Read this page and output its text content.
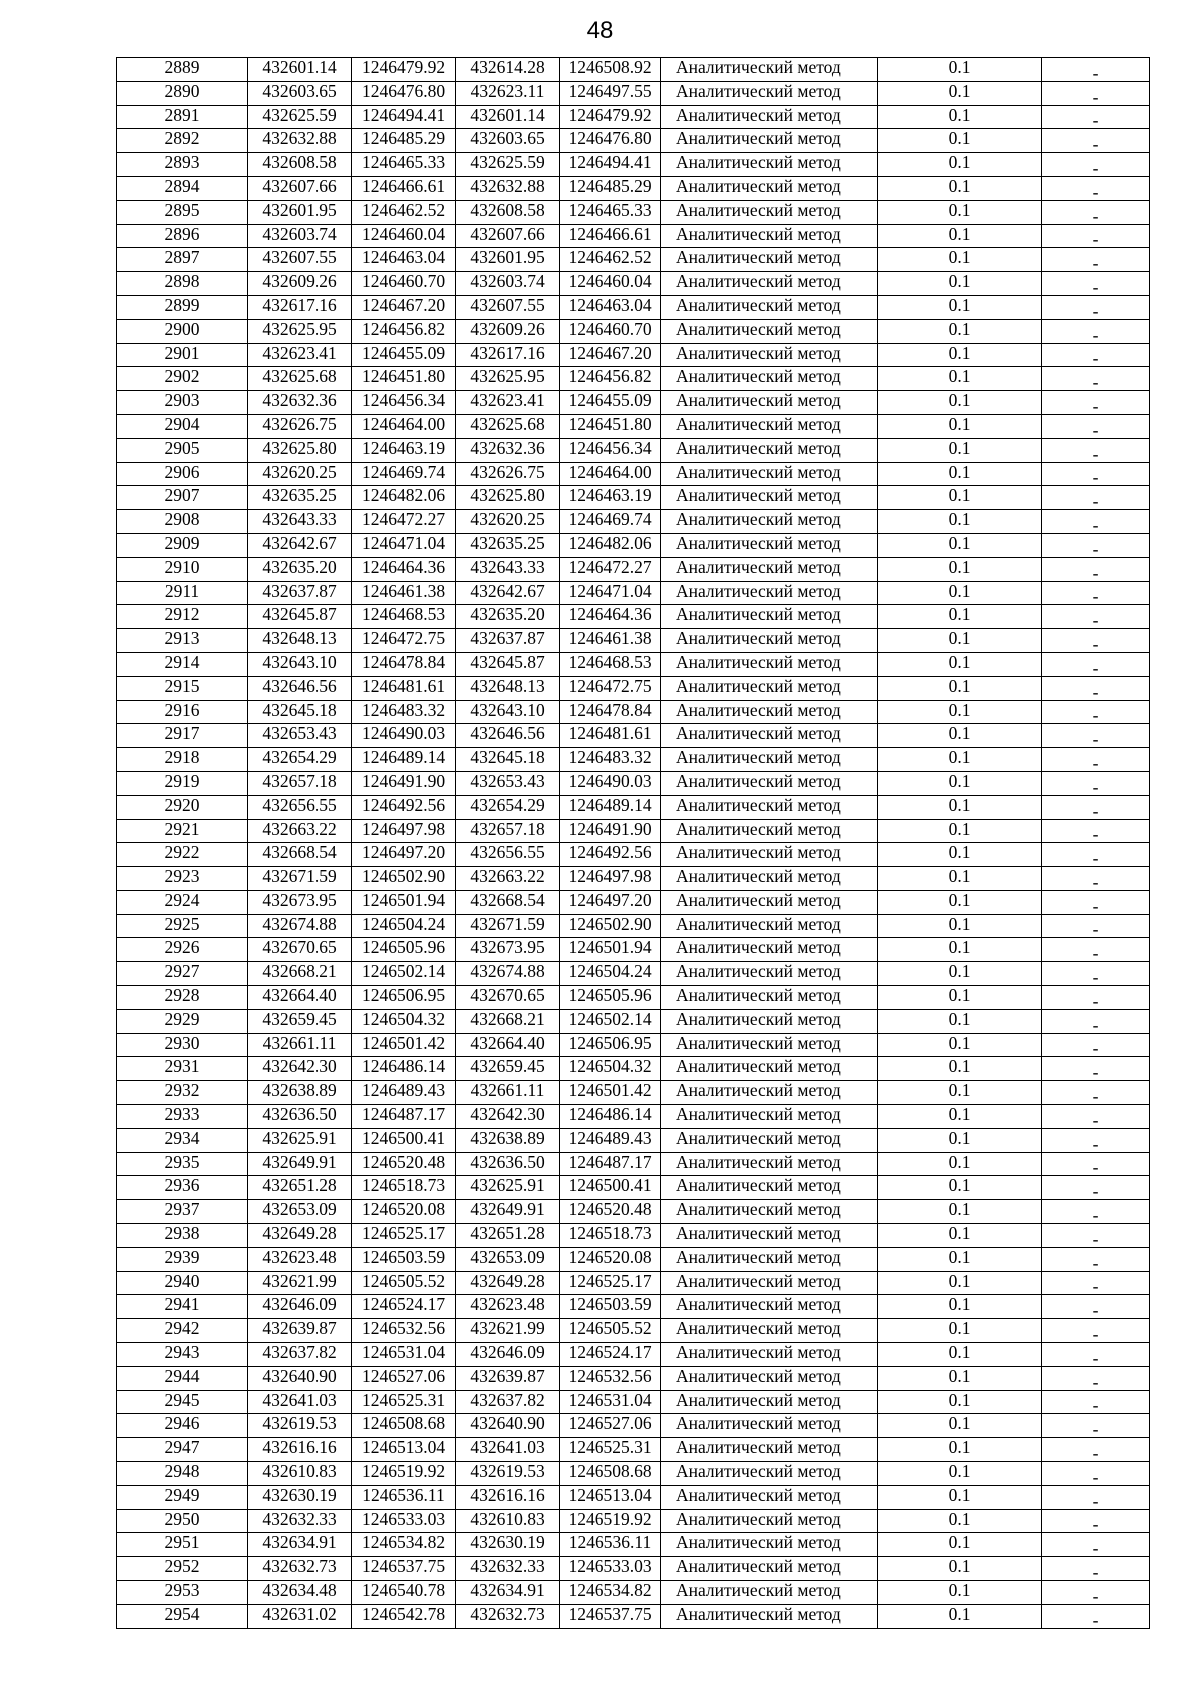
48
2889	432601.14	1246479.92	432614.28	1246508.92	Аналитический метод	0.1	-
2890	432603.65	1246476.80	432623.11	1246497.55	Аналитический метод	0.1	-
2891	432625.59	1246494.41	432601.14	1246479.92	Аналитический метод	0.1	-
2892	432632.88	1246485.29	432603.65	1246476.80	Аналитический метод	0.1	-
2893	432608.58	1246465.33	432625.59	1246494.41	Аналитический метод	0.1	-
2894	432607.66	1246466.61	432632.88	1246485.29	Аналитический метод	0.1	-
2895	432601.95	1246462.52	432608.58	1246465.33	Аналитический метод	0.1	-
2896	432603.74	1246460.04	432607.66	1246466.61	Аналитический метод	0.1	-
2897	432607.55	1246463.04	432601.95	1246462.52	Аналитический метод	0.1	-
2898	432609.26	1246460.70	432603.74	1246460.04	Аналитический метод	0.1	-
2899	432617.16	1246467.20	432607.55	1246463.04	Аналитический метод	0.1	-
2900	432625.95	1246456.82	432609.26	1246460.70	Аналитический метод	0.1	-
2901	432623.41	1246455.09	432617.16	1246467.20	Аналитический метод	0.1	-
2902	432625.68	1246451.80	432625.95	1246456.82	Аналитический метод	0.1	-
2903	432632.36	1246456.34	432623.41	1246455.09	Аналитический метод	0.1	-
2904	432626.75	1246464.00	432625.68	1246451.80	Аналитический метод	0.1	-
2905	432625.80	1246463.19	432632.36	1246456.34	Аналитический метод	0.1	-
2906	432620.25	1246469.74	432626.75	1246464.00	Аналитический метод	0.1	-
2907	432635.25	1246482.06	432625.80	1246463.19	Аналитический метод	0.1	-
2908	432643.33	1246472.27	432620.25	1246469.74	Аналитический метод	0.1	-
2909	432642.67	1246471.04	432635.25	1246482.06	Аналитический метод	0.1	-
2910	432635.20	1246464.36	432643.33	1246472.27	Аналитический метод	0.1	-
2911	432637.87	1246461.38	432642.67	1246471.04	Аналитический метод	0.1	-
2912	432645.87	1246468.53	432635.20	1246464.36	Аналитический метод	0.1	-
2913	432648.13	1246472.75	432637.87	1246461.38	Аналитический метод	0.1	-
2914	432643.10	1246478.84	432645.87	1246468.53	Аналитический метод	0.1	-
2915	432646.56	1246481.61	432648.13	1246472.75	Аналитический метод	0.1	-
2916	432645.18	1246483.32	432643.10	1246478.84	Аналитический метод	0.1	-
2917	432653.43	1246490.03	432646.56	1246481.61	Аналитический метод	0.1	-
2918	432654.29	1246489.14	432645.18	1246483.32	Аналитический метод	0.1	-
2919	432657.18	1246491.90	432653.43	1246490.03	Аналитический метод	0.1	-
2920	432656.55	1246492.56	432654.29	1246489.14	Аналитический метод	0.1	-
2921	432663.22	1246497.98	432657.18	1246491.90	Аналитический метод	0.1	-
2922	432668.54	1246497.20	432656.55	1246492.56	Аналитический метод	0.1	-
2923	432671.59	1246502.90	432663.22	1246497.98	Аналитический метод	0.1	-
2924	432673.95	1246501.94	432668.54	1246497.20	Аналитический метод	0.1	-
2925	432674.88	1246504.24	432671.59	1246502.90	Аналитический метод	0.1	-
2926	432670.65	1246505.96	432673.95	1246501.94	Аналитический метод	0.1	-
2927	432668.21	1246502.14	432674.88	1246504.24	Аналитический метод	0.1	-
2928	432664.40	1246506.95	432670.65	1246505.96	Аналитический метод	0.1	-
2929	432659.45	1246504.32	432668.21	1246502.14	Аналитический метод	0.1	-
2930	432661.11	1246501.42	432664.40	1246506.95	Аналитический метод	0.1	-
2931	432642.30	1246486.14	432659.45	1246504.32	Аналитический метод	0.1	-
2932	432638.89	1246489.43	432661.11	1246501.42	Аналитический метод	0.1	-
2933	432636.50	1246487.17	432642.30	1246486.14	Аналитический метод	0.1	-
2934	432625.91	1246500.41	432638.89	1246489.43	Аналитический метод	0.1	-
2935	432649.91	1246520.48	432636.50	1246487.17	Аналитический метод	0.1	-
2936	432651.28	1246518.73	432625.91	1246500.41	Аналитический метод	0.1	-
2937	432653.09	1246520.08	432649.91	1246520.48	Аналитический метод	0.1	-
2938	432649.28	1246525.17	432651.28	1246518.73	Аналитический метод	0.1	-
2939	432623.48	1246503.59	432653.09	1246520.08	Аналитический метод	0.1	-
2940	432621.99	1246505.52	432649.28	1246525.17	Аналитический метод	0.1	-
2941	432646.09	1246524.17	432623.48	1246503.59	Аналитический метод	0.1	-
2942	432639.87	1246532.56	432621.99	1246505.52	Аналитический метод	0.1	-
2943	432637.82	1246531.04	432646.09	1246524.17	Аналитический метод	0.1	-
2944	432640.90	1246527.06	432639.87	1246532.56	Аналитический метод	0.1	-
2945	432641.03	1246525.31	432637.82	1246531.04	Аналитический метод	0.1	-
2946	432619.53	1246508.68	432640.90	1246527.06	Аналитический метод	0.1	-
2947	432616.16	1246513.04	432641.03	1246525.31	Аналитический метод	0.1	-
2948	432610.83	1246519.92	432619.53	1246508.68	Аналитический метод	0.1	-
2949	432630.19	1246536.11	432616.16	1246513.04	Аналитический метод	0.1	-
2950	432632.33	1246533.03	432610.83	1246519.92	Аналитический метод	0.1	-
2951	432634.91	1246534.82	432630.19	1246536.11	Аналитический метод	0.1	-
2952	432632.73	1246537.75	432632.33	1246533.03	Аналитический метод	0.1	-
2953	432634.48	1246540.78	432634.91	1246534.82	Аналитический метод	0.1	-
2954	432631.02	1246542.78	432632.73	1246537.75	Аналитический метод	0.1	-
